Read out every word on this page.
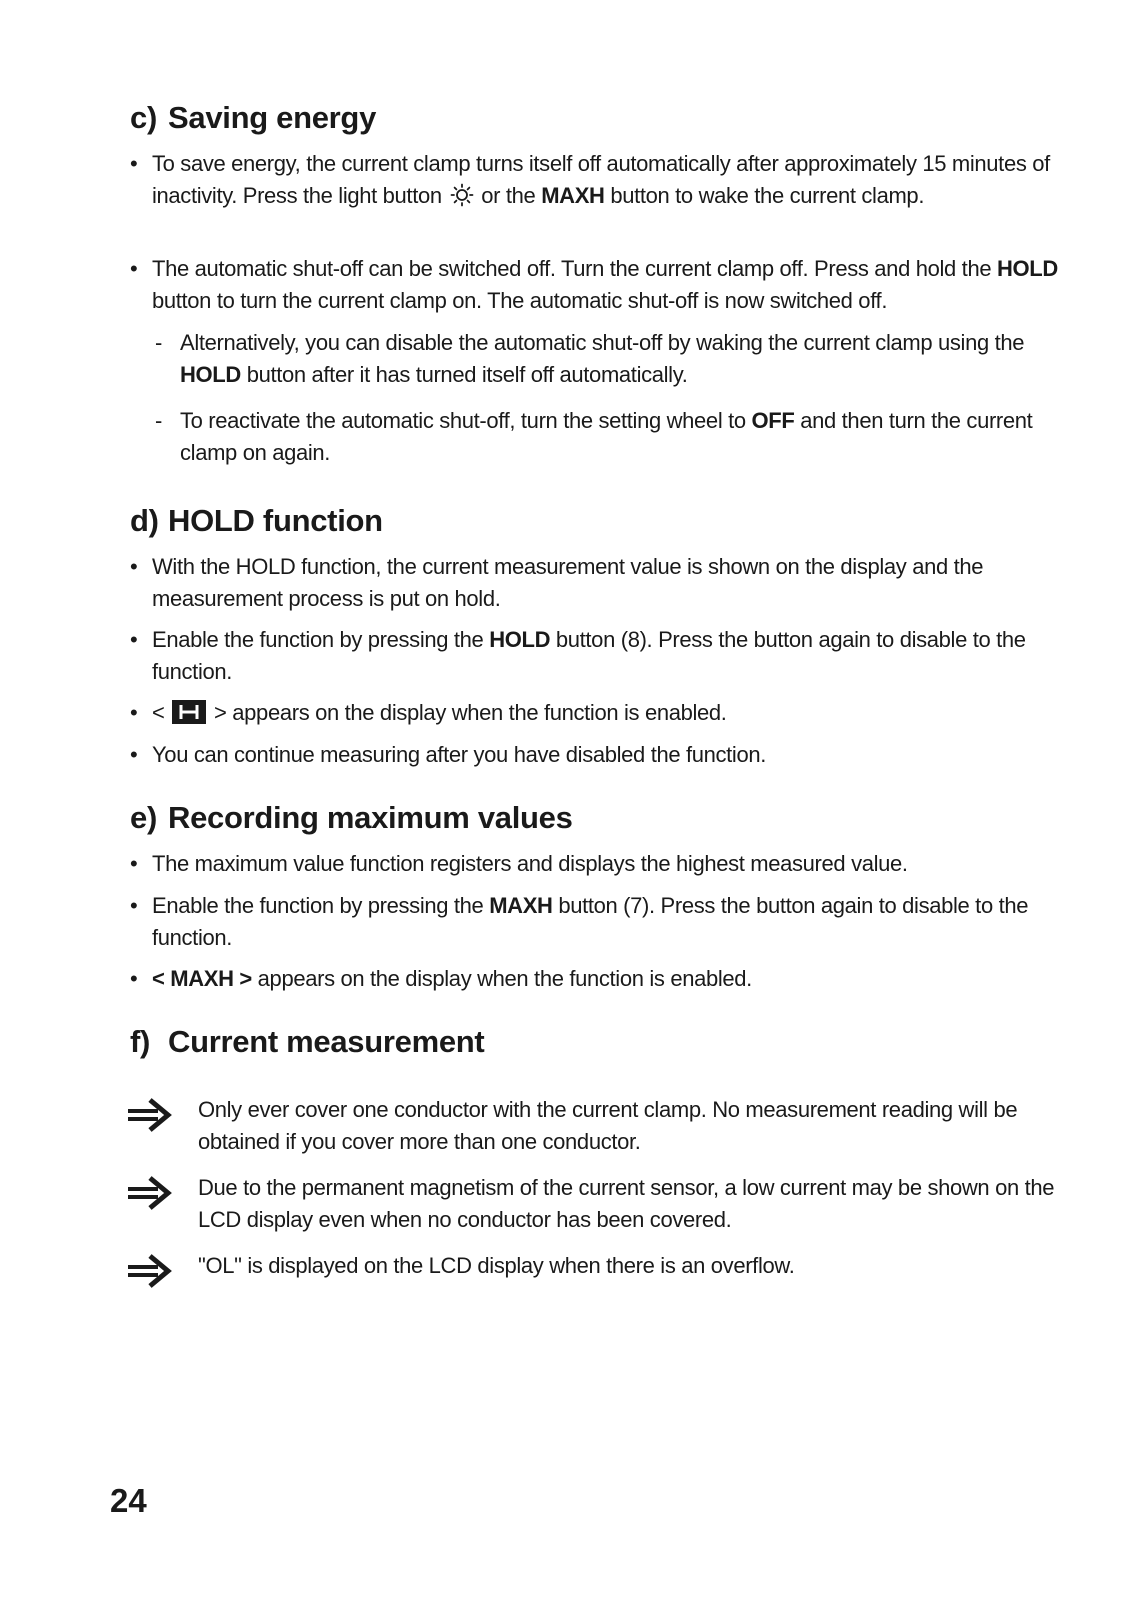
c) Saving energy
• To save energy, the current clamp turns itself off automatically after approximately 15 minutes of inactivity. Press the light button  or the MAXH button to wake the current clamp.
• The automatic shut-off can be switched off. Turn the current clamp off. Press and hold the HOLD button to turn the current clamp on. The automatic shut-off is now switched off.
- Alternatively, you can disable the automatic shut-off by waking the current clamp using the HOLD button after it has turned itself off automatically.
- To reactivate the automatic shut-off, turn the setting wheel to OFF and then turn the current clamp on again.
d) HOLD function
• With the HOLD function, the current measurement value is shown on the display and the measurement process is put on hold.
• Enable the function by pressing the HOLD button (8). Press the button again to disable to the function.
• <  > appears on the display when the function is enabled.
• You can continue measuring after you have disabled the function.
e) Recording maximum values
• The maximum value function registers and displays the highest measured value.
• Enable the function by pressing the MAXH button (7). Press the button again to disable to the function.
• < MAXH > appears on the display when the function is enabled.
f) Current measurement
Only ever cover one conductor with the current clamp. No measurement reading will be obtained if you cover more than one conductor.
Due to the permanent magnetism of the current sensor, a low current may be shown on the LCD display even when no conductor has been covered.
"OL" is displayed on the LCD display when there is an overflow.
24
